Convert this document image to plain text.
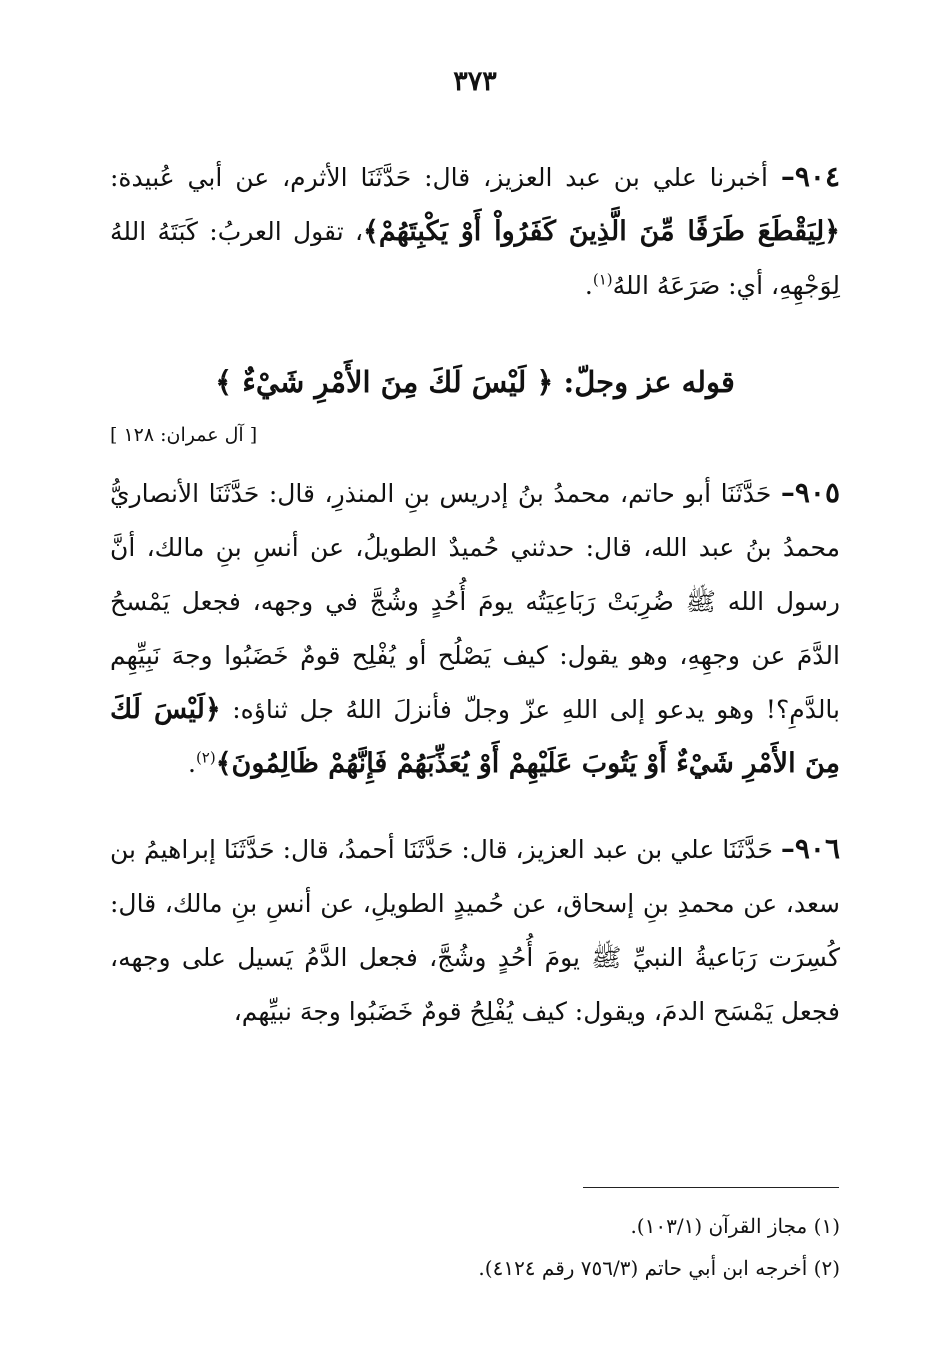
٣٧٣

٩٠٤– أخبرنا علي بن عبد العزيز، قال: حَدَّثَنَا الأثرم، عن أبي عُبيدة: ﴿لِيَقْطَعَ طَرَفًا مِّنَ الَّذِينَ كَفَرُواْ أَوْ يَكْبِتَهُمْ﴾، تقول العربُ: كَبَتَهُ اللهُ لِوَجْهِهِ، أي: صَرَعَهُ اللهُ$^{(١)}$.

قوله عز وجلّ: ﴿ لَيْسَ لَكَ مِنَ الأَمْرِ شَيْءٌ ﴾
[ آل عمران: ١٢٨ ]

٩٠٥– حَدَّثَنَا أبو حاتم، محمدُ بنُ إدريس بنِ المنذرِ، قال: حَدَّثَنَا الأنصاريُّ محمدُ بنُ عبد الله، قال: حدثني حُميدٌ الطويلُ، عن أنسِ بنِ مالك، أنَّ رسول الله ﷺ ضُرِبَتْ رَبَاعِيَتُه يومَ أُحُدٍ وشُجَّ في وجهه، فجعل يَمْسحُ الدَّمَ عن وجهِهِ، وهو يقول: كيف يَصْلُح أو يُفْلِح قومٌ خَضَبُوا وجهَ نَبِيِّهِم بالدَّمِ؟! وهو يدعو إلى اللهِ عزّ وجلّ فأنزلَ اللهُ جل ثناؤه: ﴿لَيْسَ لَكَ مِنَ الأَمْرِ شَيْءٌ أَوْ يَتُوبَ عَلَيْهِمْ أَوْ يُعَذِّبَهُمْ فَإِنَّهُمْ ظَالِمُونَ﴾$^{(٢)}$.

٩٠٦– حَدَّثَنَا علي بن عبد العزيز، قال: حَدَّثَنَا أحمدُ، قال: حَدَّثَنَا إبراهيمُ بن سعد، عن محمدِ بنِ إسحاق، عن حُميدٍ الطويلِ، عن أنسِ بنِ مالك، قال: كُسِرَت رَبَاعيةُ النبيِّ ﷺ يومَ أُحُدٍ وشُجَّ، فجعل الدَّمُ يَسيل على وجهه، فجعل يَمْسَح الدمَ، ويقول: كيف يُفْلِحُ قومٌ خَضَبُوا وجهَ نبيِّهم،

(١) مجاز القرآن (١٠٣/١).

(٢) أخرجه ابن أبي حاتم (٧٥٦/٣ رقم ٤١٢٤).
